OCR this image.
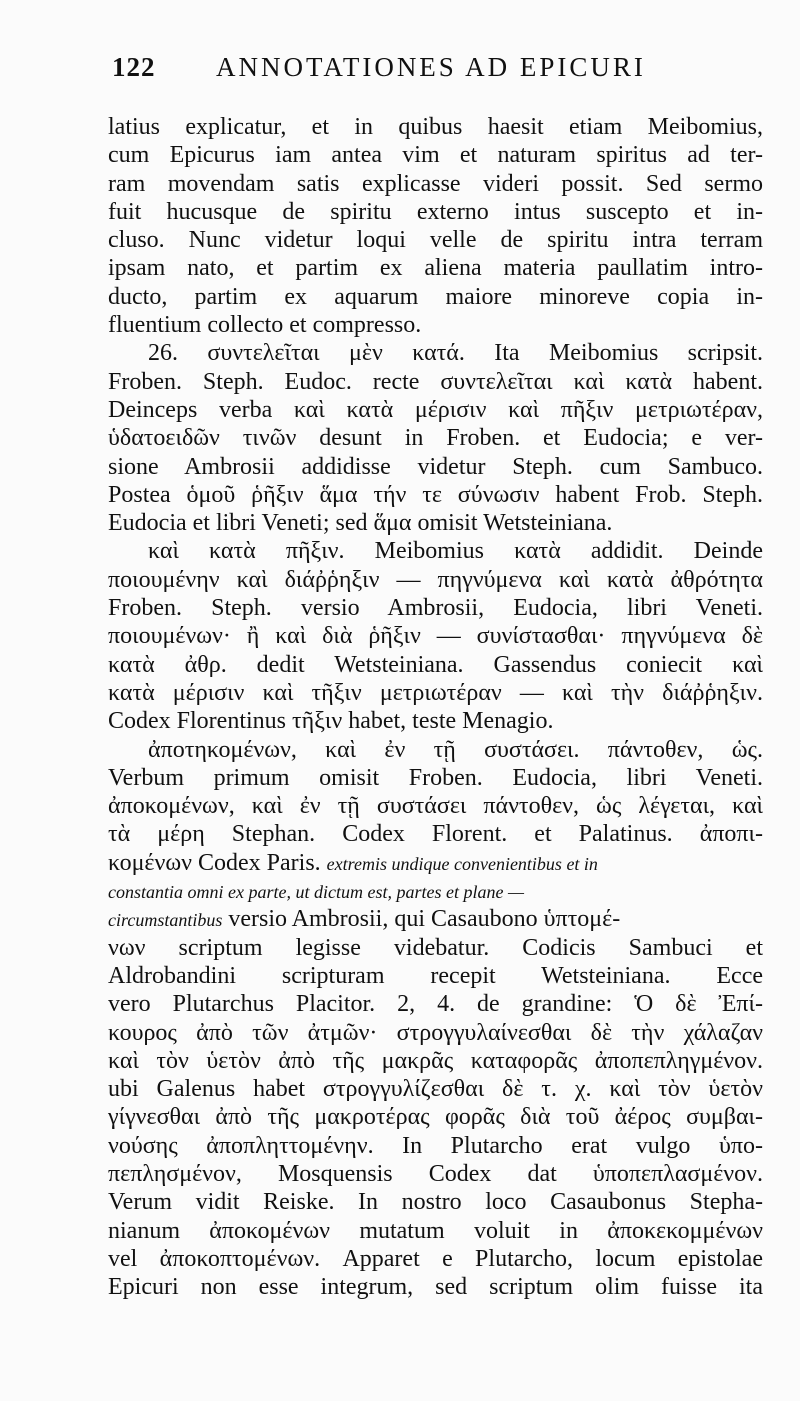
122 ANNOTATIONES AD EPICURI
latius explicatur, et in quibus haesit etiam Meibomius,
cum Epicurus iam antea vim et naturam spiritus ad ter-
ram movendam satis explicasse videri possit. Sed sermo
fuit hucusque de spiritu externo intus suscepto et in-
cluso. Nunc videtur loqui velle de spiritu intra terram
ipsam nato, et partim ex aliena materia paullatim intro-
ducto, partim ex aquarum maiore minoreve copia in-
fluentium collecto et compresso.
26. συντελεῖται μὲν κατά. Ita Meibomius scripsit.
Froben. Steph. Eudoc. recte συντελεῖται καὶ κατὰ habent.
Deinceps verba καὶ κατὰ μέρισιν καὶ πῆξιν μετριωτέραν,
ὑδατοειδῶν τινῶν desunt in Froben. et Eudocia; e ver-
sione Ambrosii addidisse videtur Steph. cum Sambuco.
Postea ὁμοῦ ῥῆξιν ἅμα τήν τε σύνωσιν habent Frob. Steph.
Eudocia et libri Veneti; sed ἅμα omisit Wetsteiniana.
καὶ κατὰ πῆξιν. Meibomius κατὰ addidit. Deinde
ποιουμένην καὶ διάῤῥηξιν — πηγνύμενα καὶ κατὰ ἀθρότητα
Froben. Steph. versio Ambrosii, Eudocia, libri Veneti.
ποιουμένων· ἢ καὶ διὰ ῥῆξιν — συνίστασθαι· πηγνύμενα δὲ
κατὰ ἀθρ. dedit Wetsteiniana. Gassendus coniecit καὶ
κατὰ μέρισιν καὶ τῆξιν μετριωτέραν — καὶ τὴν διάῤῥηξιν.
Codex Florentinus τῆξιν habet, teste Menagio.
ἀποτηκομένων, καὶ ἐν τῇ συστάσει. πάντοθεν, ὡς.
Verbum primum omisit Froben. Eudocia, libri Veneti.
ἀποκομένων, καὶ ἐν τῇ συστάσει πάντοθεν, ὡς λέγεται, καὶ
τὰ μέρη Stephan. Codex Florent. et Palatinus. ἀποπι-
κομένων Codex Paris. extremis undique convenientibus et in
constantia omni ex parte, ut dictum est, partes et plane —
circumstantibus versio Ambrosii, qui Casaubono ὑπτομέ-
νων scriptum legisse videbatur. Codicis Sambuci et
Aldrobandini scripturam recepit Wetsteiniana. Ecce
vero Plutarchus Placitor. 2, 4. de grandine: Ὁ δὲ Ἐπί-
κουρος ἀπὸ τῶν ἀτμῶν· στρογγυλαίνεσθαι δὲ τὴν χάλαζαν
καὶ τὸν ὑετὸν ἀπὸ τῆς μακρᾶς καταφορᾶς ἀποπεπληγμένον.
ubi Galenus habet στρογγυλίζεσθαι δὲ τ. χ. καὶ τὸν ὑετὸν
γίγνεσθαι ἀπὸ τῆς μακροτέρας φορᾶς διὰ τοῦ ἀέρος συμβαι-
νούσης ἀποπληττομένην. In Plutarcho erat vulgo ὑπο-
πεπλησμένον, Mosquensis Codex dat ὑποπεπλασμένον.
Verum vidit Reiske. In nostro loco Casaubonus Stepha-
nianum ἀποκομένων mutatum voluit in ἀποκεκομμένων
vel ἀποκοπτομένων. Apparet e Plutarcho, locum epistolae
Epicuri non esse integrum, sed scriptum olim fuisse ita
